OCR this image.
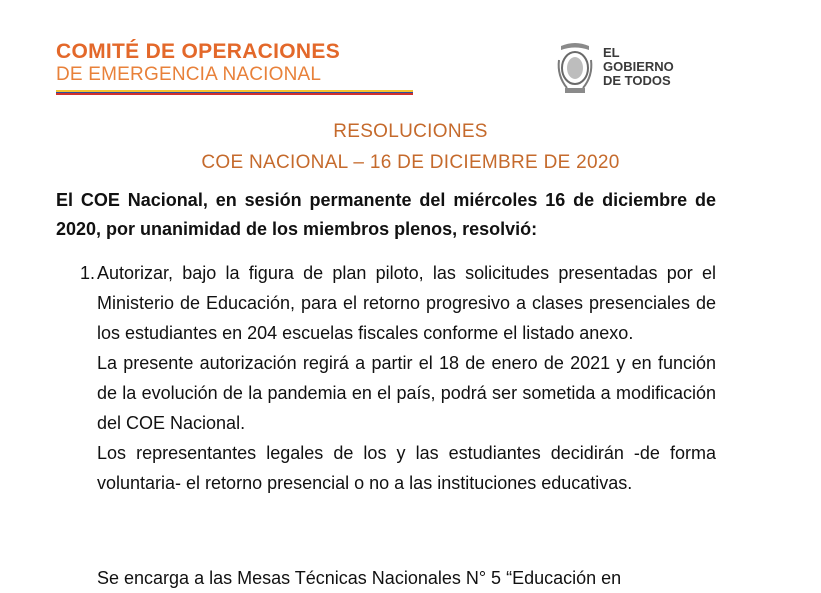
COMITÉ DE OPERACIONES
DE EMERGENCIA NACIONAL
EL
GOBIERNO
DE TODOS
RESOLUCIONES
COE NACIONAL – 16 DE DICIEMBRE DE 2020
El COE Nacional, en sesión permanente del miércoles 16 de diciembre de 2020, por unanimidad de los miembros plenos, resolvió:
1. Autorizar, bajo la figura de plan piloto, las solicitudes presentadas por el Ministerio de Educación, para el retorno progresivo a clases presenciales de los estudiantes en 204 escuelas fiscales conforme el listado anexo.

La presente autorización regirá a partir el 18 de enero de 2021 y en función de la evolución de la pandemia en el país, podrá ser sometida a modificación del COE Nacional.

Los representantes legales de los y las estudiantes decidirán -de forma voluntaria- el retorno presencial o no a las instituciones educativas.

Se encarga a las Mesas Técnicas Nacionales N° 5 “Educación en
